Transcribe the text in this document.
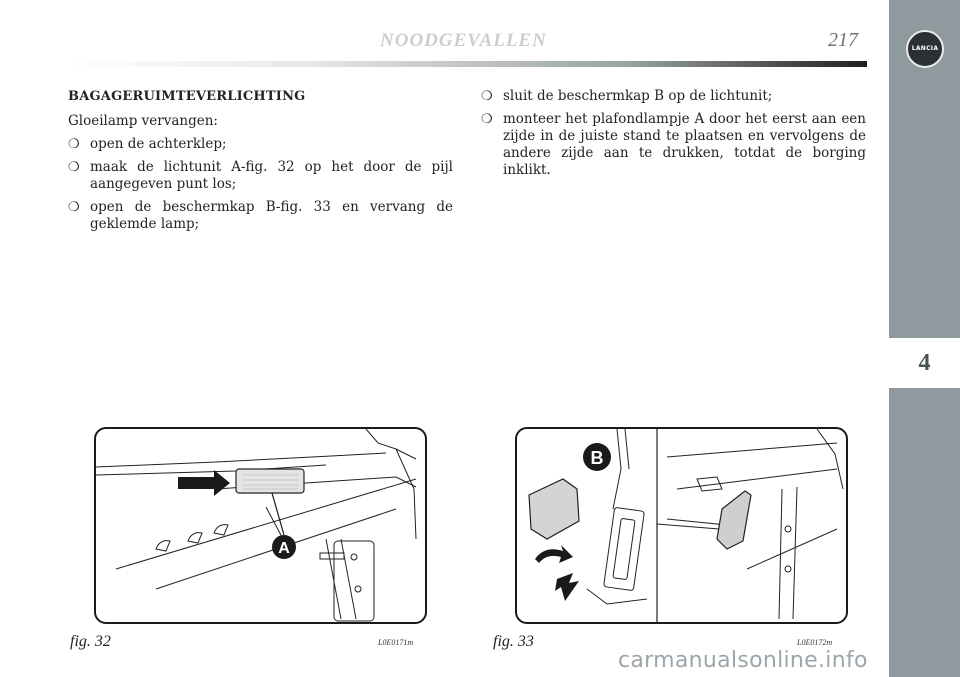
NOODGEVALLEN	217	LANCIA
4
BAGAGERUIMTEVERLICHTING
Gloeilamp vervangen:
❍ open de achterklep;
❍ maak de lichtunit A-fig. 32 op het door de pijl aangegeven punt los;
❍ open de beschermkap B-fig. 33 en vervang de geklemde lamp;
❍ sluit de beschermkap B op de lichtunit;
❍ monteer het plafondlampje A door het eerst aan een zijde in de juiste stand te plaatsen en vervolgens de andere zijde aan te drukken, totdat de borging inklikt.
A
fig. 32	L0E0171m
B
fig. 33	L0E0172m
carmanualsonline.info
